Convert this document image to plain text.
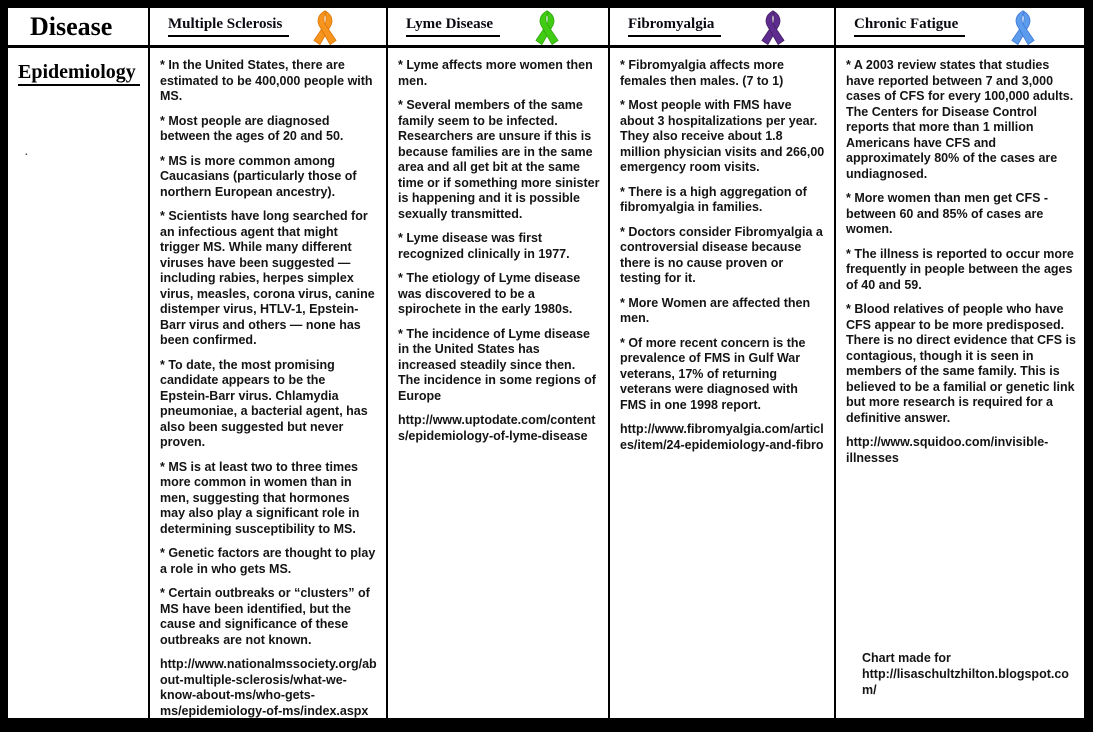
Disease
Epidemiology
.
Multiple Sclerosis

* In the United States, there are estimated to be 400,000 people with MS.

* Most people are diagnosed between the ages of 20 and 50.

* MS is more common among Caucasians (particularly those of northern European ancestry).

* Scientists have long searched for an infectious agent that might trigger MS. While many different viruses have been suggested — including rabies, herpes simplex virus, measles, corona virus, canine distemper virus, HTLV-1, Epstein-Barr virus and others — none has been confirmed.

* To date, the most promising candidate appears to be the Epstein-Barr virus. Chlamydia pneumoniae, a bacterial agent, has also been suggested but never proven.

* MS is at least two to three times more common in women than in men, suggesting that hormones may also play a significant role in determining susceptibility to MS.

* Genetic factors are thought to play a role in who gets MS.

* Certain outbreaks or “clusters” of MS have been identified, but the cause and significance of these outbreaks are not known.

http://www.nationalmssociety.org/about-multiple-sclerosis/what-we-know-about-ms/who-gets-ms/epidemiology-of-ms/index.aspx

Lyme Disease

* Lyme affects more women then men.

* Several members of the same family seem to be infected. Researchers are unsure if this is because families are in the same area and all get bit at the same time or if something more sinister is happening and it is possible sexually transmitted.

* Lyme disease was first recognized clinically in 1977.

* The etiology of Lyme disease was discovered to be a spirochete in the early 1980s.

* The incidence of Lyme disease in the United States has increased steadily since then. The incidence in some regions of Europe

http://www.uptodate.com/contents/epidemiology-of-lyme-disease

Fibromyalgia

* Fibromyalgia affects more females then males. (7 to 1)

* Most people with FMS have about 3 hospitalizations per year. They also receive about 1.8 million physician visits and 266,00 emergency room visits.

* There is a high aggregation of fibromyalgia in families.

* Doctors consider Fibromyalgia a controversial disease because there is no cause proven or testing for it.

* More Women are affected then men.

* Of more recent concern is the prevalence of FMS in Gulf War veterans, 17% of returning veterans were diagnosed with FMS in one 1998 report.

http://www.fibromyalgia.com/articles/item/24-epidemiology-and-fibro

Chronic Fatigue

* A 2003 review states that studies have reported between 7 and 3,000 cases of CFS for every 100,000 adults. The Centers for Disease Control reports that more than 1 million Americans have CFS and approximately 80% of the cases are undiagnosed.

* More women than men get CFS - between 60 and 85% of cases are women.

* The illness is reported to occur more frequently in people between the ages of 40 and 59.

* Blood relatives of people who have CFS appear to be more predisposed. There is no direct evidence that CFS is contagious, though it is seen in members of the same family. This is believed to be a familial or genetic link but more research is required for a definitive answer.

http://www.squidoo.com/invisible-illnesses

Chart made for
http://lisaschultzhilton.blogspot.com/
